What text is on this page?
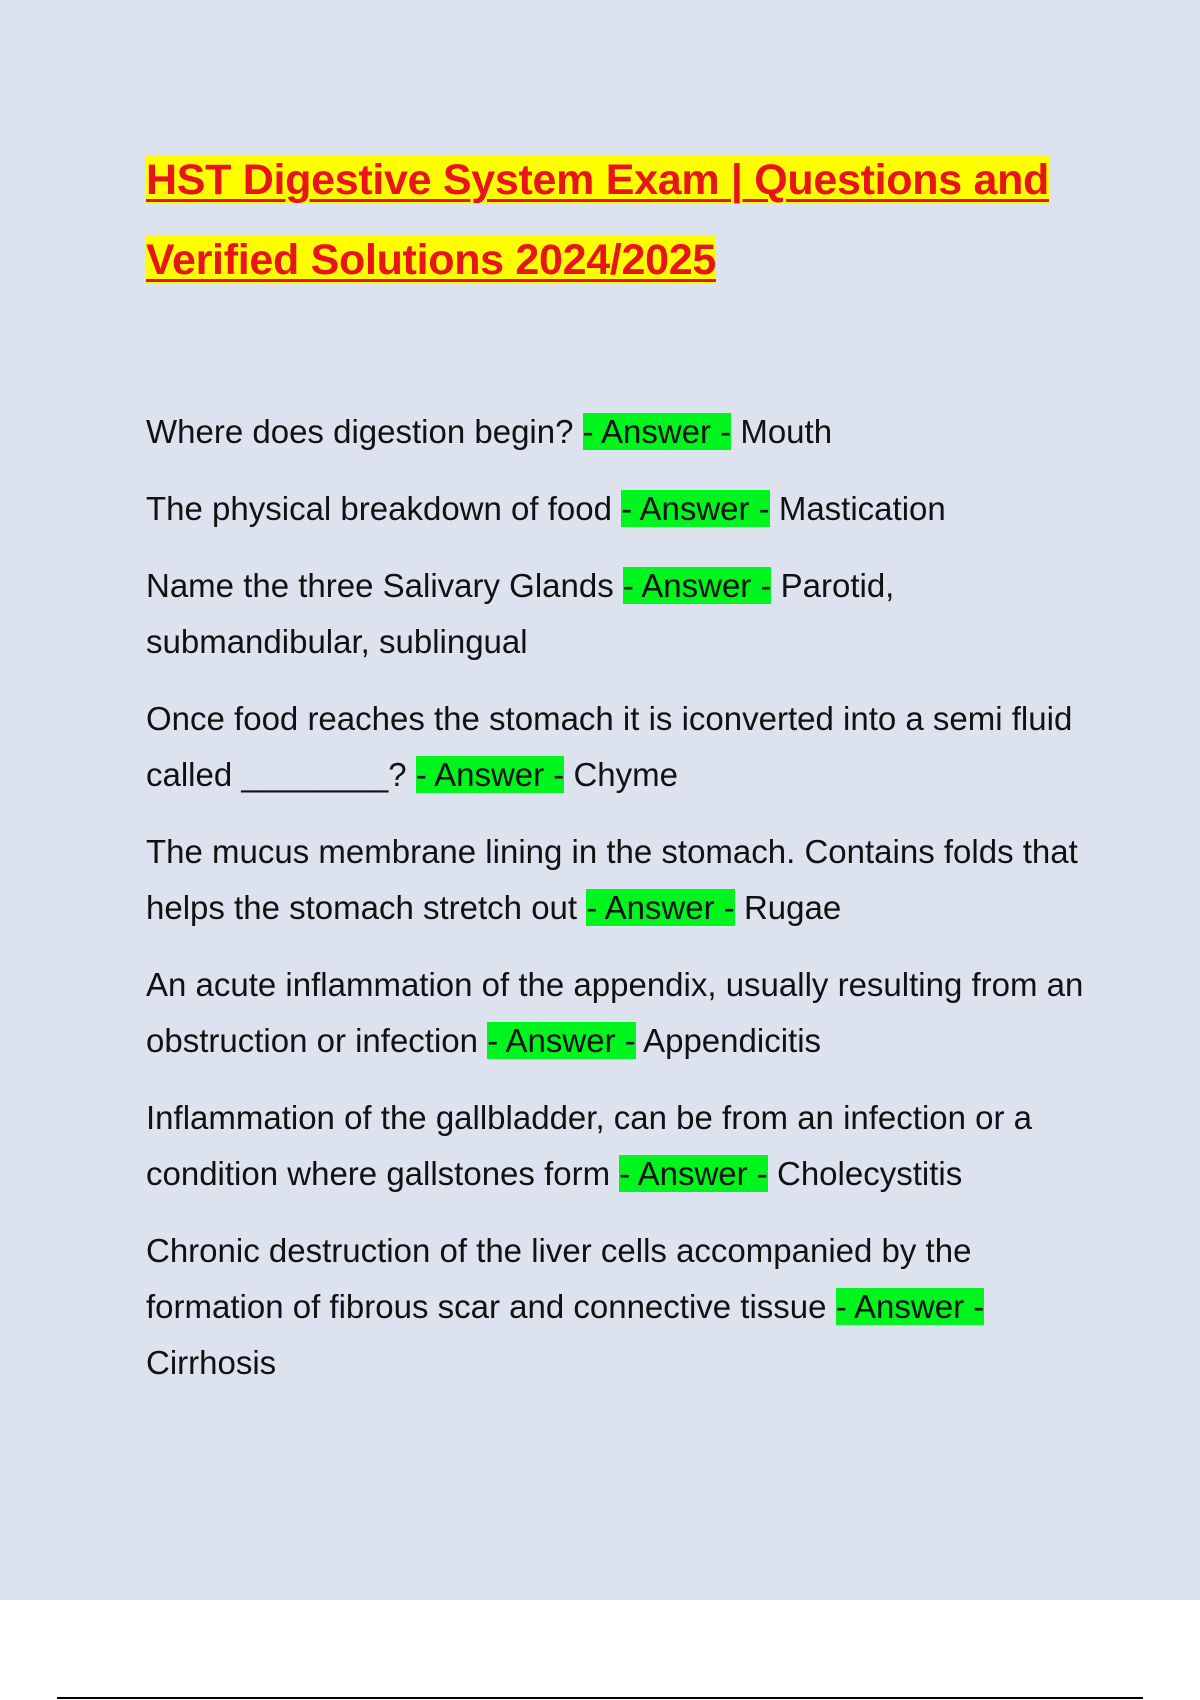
HST Digestive System Exam | Questions and Verified Solutions 2024/2025

Where does digestion begin? - Answer - Mouth

The physical breakdown of food - Answer - Mastication

Name the three Salivary Glands - Answer - Parotid, submandibular, sublingual

Once food reaches the stomach it is iconverted into a semi fluid called ________? - Answer - Chyme

The mucus membrane lining in the stomach. Contains folds that helps the stomach stretch out - Answer - Rugae

An acute inflammation of the appendix, usually resulting from an obstruction or infection - Answer - Appendicitis

Inflammation of the gallbladder, can be from an infection or a condition where gallstones form - Answer - Cholecystitis

Chronic destruction of the liver cells accompanied by the formation of fibrous scar and connective tissue - Answer - Cirrhosis
